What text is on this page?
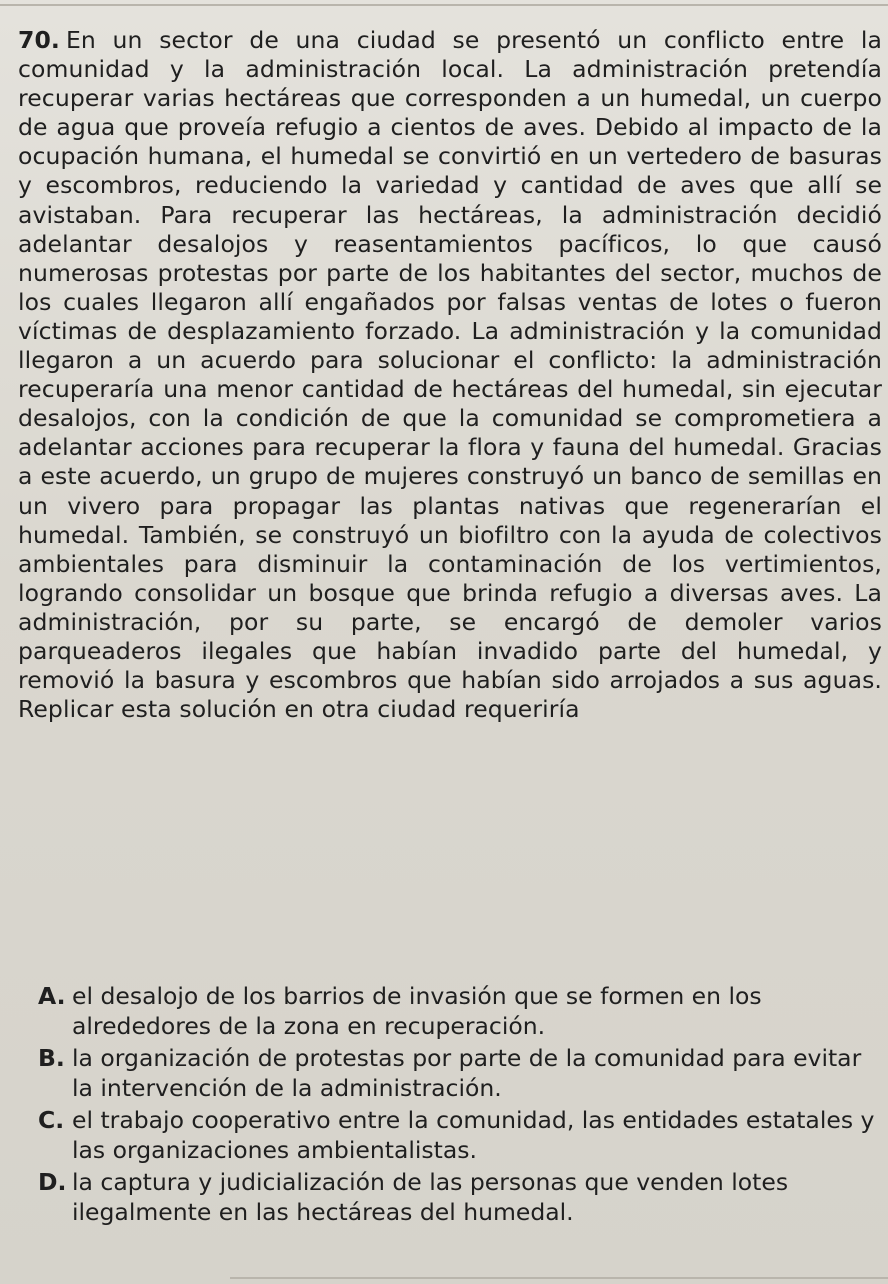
70. En un sector de una ciudad se presentó un conflicto entre la comunidad y la administración local. La administración pretendía recuperar varias hectáreas que corresponden a un humedal, un cuerpo de agua que proveía refugio a cientos de aves. Debido al impacto de la ocupación humana, el humedal se convirtió en un vertedero de basuras y escombros, reduciendo la variedad y cantidad de aves que allí se avistaban. Para recuperar las hectáreas, la administración decidió adelantar desalojos y reasentamientos pacíficos, lo que causó numerosas protestas por parte de los habitantes del sector, muchos de los cuales llegaron allí engañados por falsas ventas de lotes o fueron víctimas de desplazamiento forzado. La administración y la comunidad llegaron a un acuerdo para solucionar el conflicto: la administración recuperaría una menor cantidad de hectáreas del humedal, sin ejecutar desalojos, con la condición de que la comunidad se comprometiera a adelantar acciones para recuperar la flora y fauna del humedal. Gracias a este acuerdo, un grupo de mujeres construyó un banco de semillas en un vivero para propagar las plantas nativas que regenerarían el humedal. También, se construyó un biofiltro con la ayuda de colectivos ambientales para disminuir la contaminación de los vertimientos, logrando consolidar un bosque que brinda refugio a diversas aves. La administración, por su parte, se encargó de demoler varios parqueaderos ilegales que habían invadido parte del humedal, y removió la basura y escombros que habían sido arrojados a sus aguas. Replicar esta solución en otra ciudad requeriría

A. el desalojo de los barrios de invasión que se formen en los alrededores de la zona en recuperación.
B. la organización de protestas por parte de la comunidad para evitar la intervención de la administración.
C. el trabajo cooperativo entre la comunidad, las entidades estatales y las organizaciones ambientalistas.
D. la captura y judicialización de las personas que venden lotes ilegalmente en las hectáreas del humedal.
